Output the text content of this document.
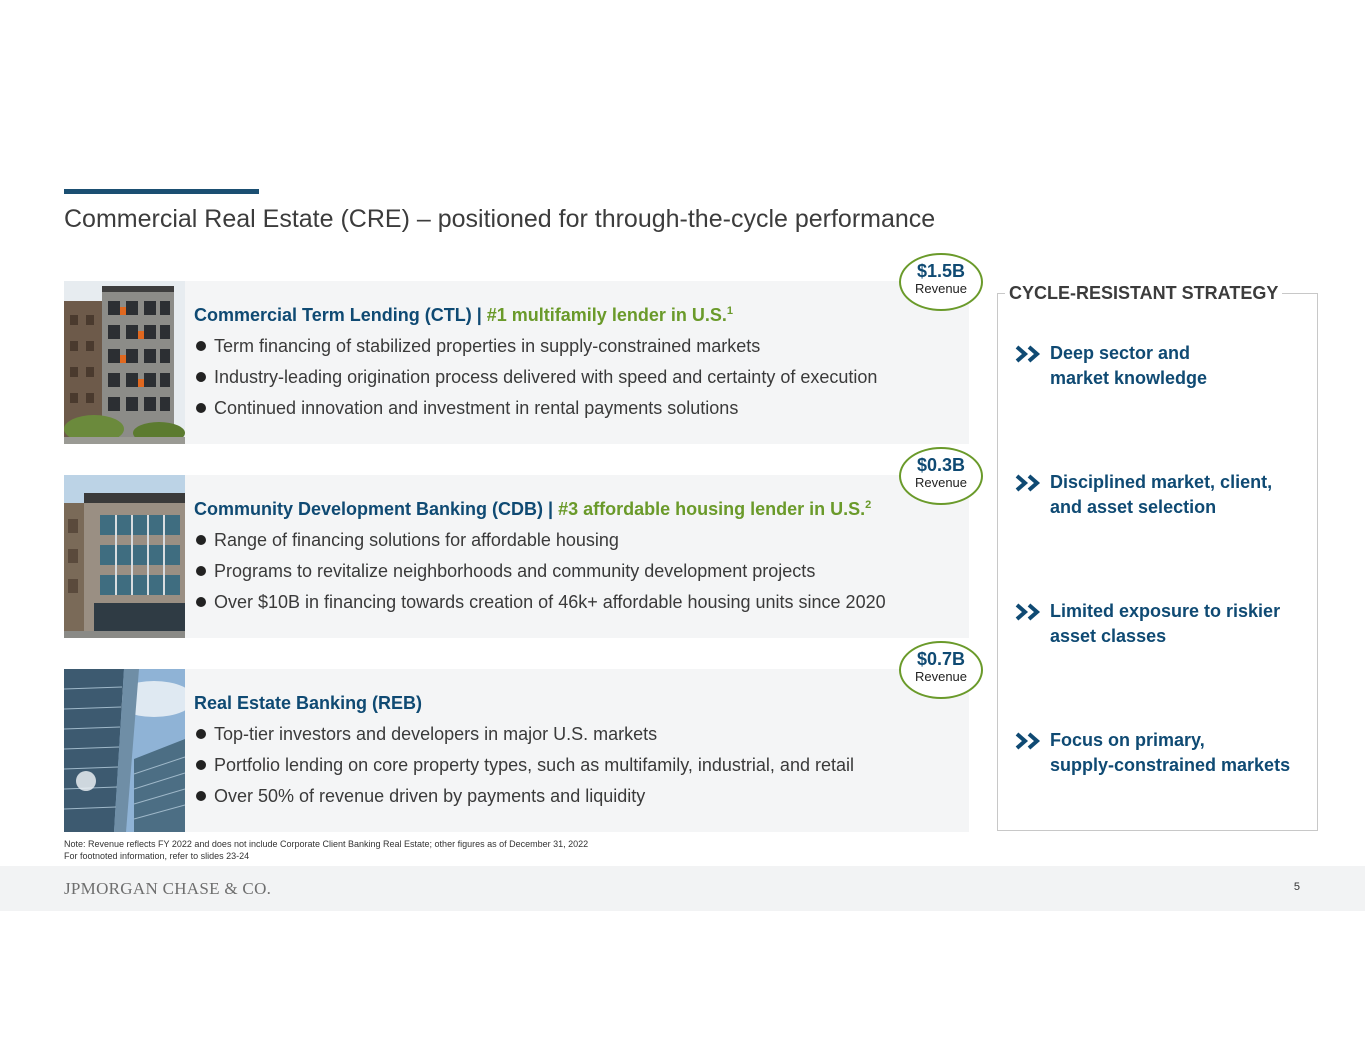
Commercial Real Estate (CRE) – positioned for through-the-cycle performance
Commercial Term Lending (CTL) | #1 multifamily lender in U.S.$^1$
Term financing of stabilized properties in supply-constrained markets
Industry-leading origination process delivered with speed and certainty of execution
Continued innovation and investment in rental payments solutions
$1.5B
Revenue
Community Development Banking (CDB) | #3 affordable housing lender in U.S.$^2$
Range of financing solutions for affordable housing
Programs to revitalize neighborhoods and community development projects
Over $10B in financing towards creation of 46k+ affordable housing units since 2020
$0.3B
Revenue
Real Estate Banking (REB)
Top-tier investors and developers in major U.S. markets
Portfolio lending on core property types, such as multifamily, industrial, and retail
Over 50% of revenue driven by payments and liquidity
$0.7B
Revenue
CYCLE-RESISTANT STRATEGY
Deep sector and
market knowledge
Disciplined market, client,
and asset selection
Limited exposure to riskier
asset classes
Focus on primary,
supply-constrained markets
Note: Revenue reflects FY 2022 and does not include Corporate Client Banking Real Estate; other figures as of December 31, 2022
For footnoted information, refer to slides 23-24
JPMORGAN CHASE & CO.	5
